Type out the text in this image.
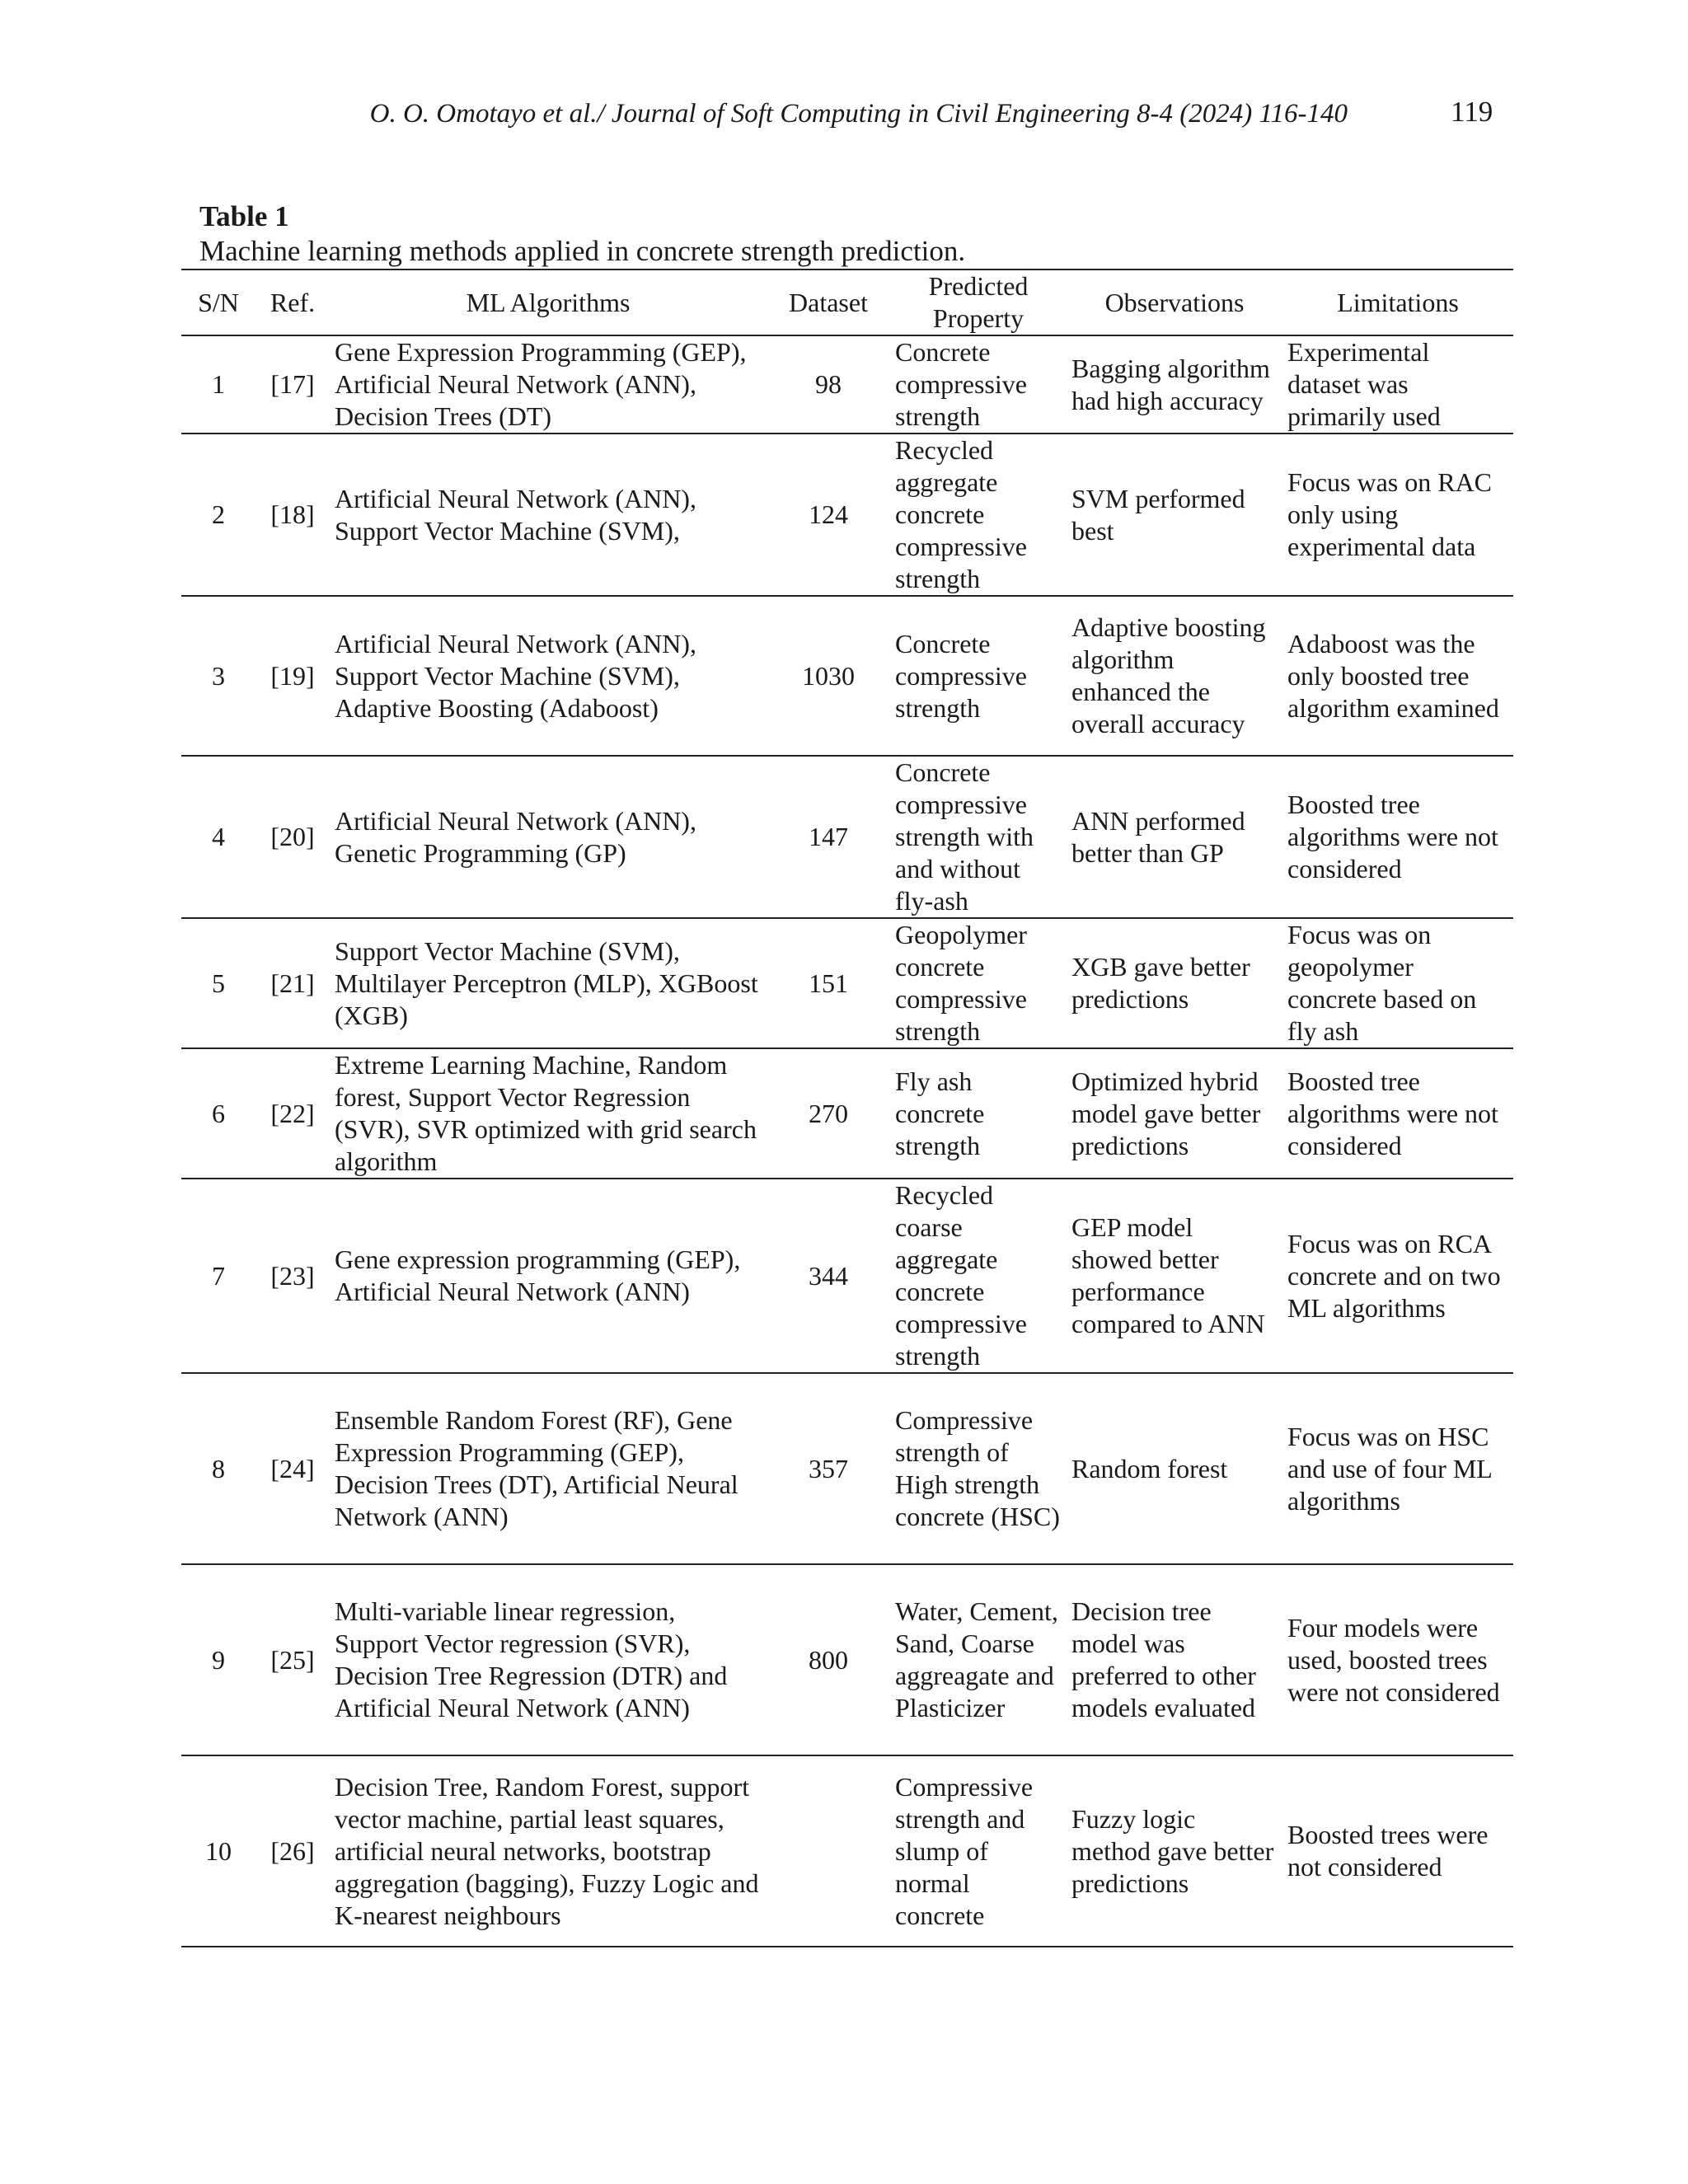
O. O. Omotayo et al./ Journal of Soft Computing in Civil Engineering 8-4 (2024) 116-140	119
Table 1
Machine learning methods applied in concrete strength prediction.
S/N	Ref.	ML Algorithms	Dataset	Predicted Property	Observations	Limitations
1	[17]	Gene Expression Programming (GEP), Artificial Neural Network (ANN), Decision Trees (DT)	98	Concrete compressive strength	Bagging algorithm had high accuracy	Experimental dataset was primarily used
2	[18]	Artificial Neural Network (ANN), Support Vector Machine (SVM),	124	Recycled aggregate concrete compressive strength	SVM performed best	Focus was on RAC only using experimental data
3	[19]	Artificial Neural Network (ANN), Support Vector Machine (SVM), Adaptive Boosting (Adaboost)	1030	Concrete compressive strength	Adaptive boosting algorithm enhanced the overall accuracy	Adaboost was the only boosted tree algorithm examined
4	[20]	Artificial Neural Network (ANN), Genetic Programming (GP)	147	Concrete compressive strength with and without fly-ash	ANN performed better than GP	Boosted tree algorithms were not considered
5	[21]	Support Vector Machine (SVM), Multilayer Perceptron (MLP), XGBoost (XGB)	151	Geopolymer concrete compressive strength	XGB gave better predictions	Focus was on geopolymer concrete based on fly ash
6	[22]	Extreme Learning Machine, Random forest, Support Vector Regression (SVR), SVR optimized with grid search algorithm	270	Fly ash concrete strength	Optimized hybrid model gave better predictions	Boosted tree algorithms were not considered
7	[23]	Gene expression programming (GEP), Artificial Neural Network (ANN)	344	Recycled coarse aggregate concrete compressive strength	GEP model showed better performance compared to ANN	Focus was on RCA concrete and on two ML algorithms
8	[24]	Ensemble Random Forest (RF), Gene Expression Programming (GEP), Decision Trees (DT), Artificial Neural Network (ANN)	357	Compressive strength of High strength concrete (HSC)	Random forest	Focus was on HSC and use of four ML algorithms
9	[25]	Multi-variable linear regression, Support Vector regression (SVR), Decision Tree Regression (DTR) and Artificial Neural Network (ANN)	800	Water, Cement, Sand, Coarse aggreagate and Plasticizer	Decision tree model was preferred to other models evaluated	Four models were used, boosted trees were not considered
10	[26]	Decision Tree, Random Forest, support vector machine, partial least squares, artificial neural networks, bootstrap aggregation (bagging), Fuzzy Logic and K-nearest neighbours		Compressive strength and slump of normal concrete	Fuzzy logic method gave better predictions	Boosted trees were not considered
